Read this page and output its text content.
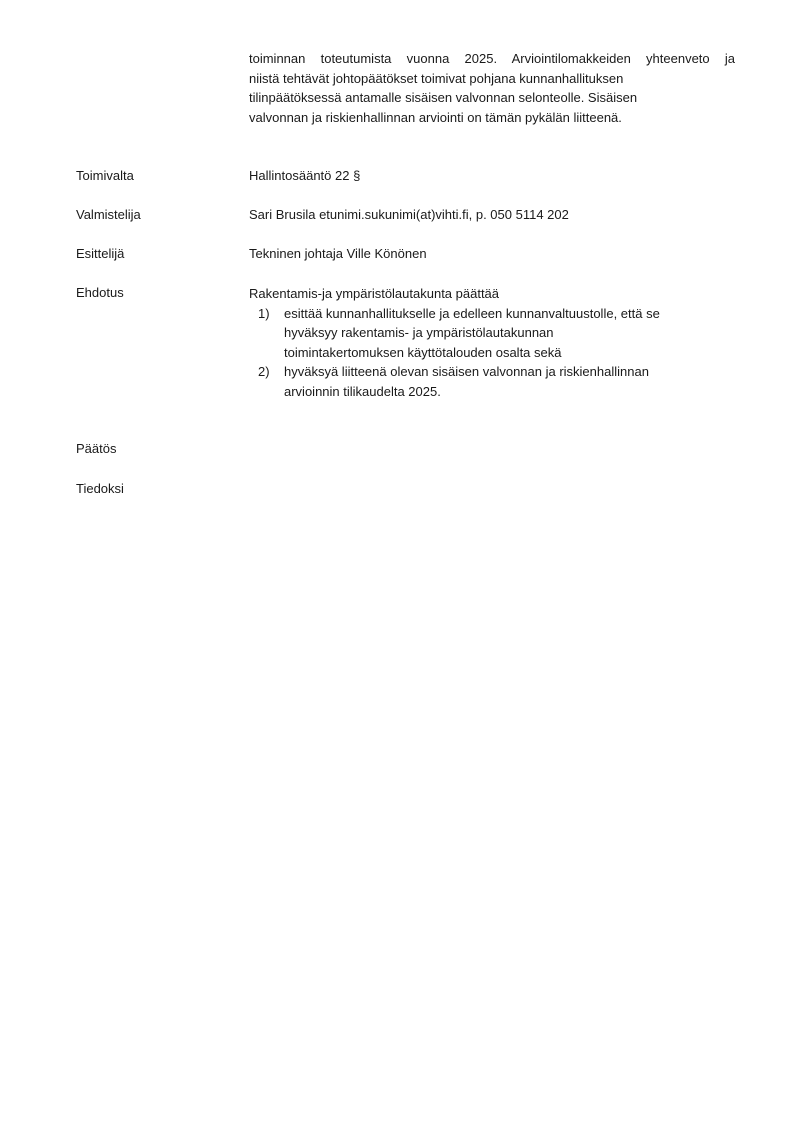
toiminnan toteutumista vuonna 2025. Arviointilomakkeiden yhteenveto ja
niistä tehtävät johtopäätökset toimivat pohjana kunnanhallituksen
tilinpäätöksessä antamalle sisäisen valvonnan selonteolle. Sisäisen
valvonnan ja riskienhallinnan arviointi on tämän pykälän liitteenä.
Toimivalta	Hallintosääntö 22 §
Valmistelija	Sari Brusila etunimi.sukunimi(at)vihti.fi, p. 050 5114 202
Esittelijä	Tekninen johtaja Ville Könönen
Ehdotus	Rakentamis-ja ympäristölautakunta päättää
1) esittää kunnanhallitukselle ja edelleen kunnanvaltuustolle, että se
hyväksyy rakentamis- ja ympäristölautakunnan
toimintakertomuksen käyttötalouden osalta sekä
2) hyväksyä liitteenä olevan sisäisen valvonnan ja riskienhallinnan
arvioinnin tilikaudelta 2025.
Päätös
Tiedoksi
